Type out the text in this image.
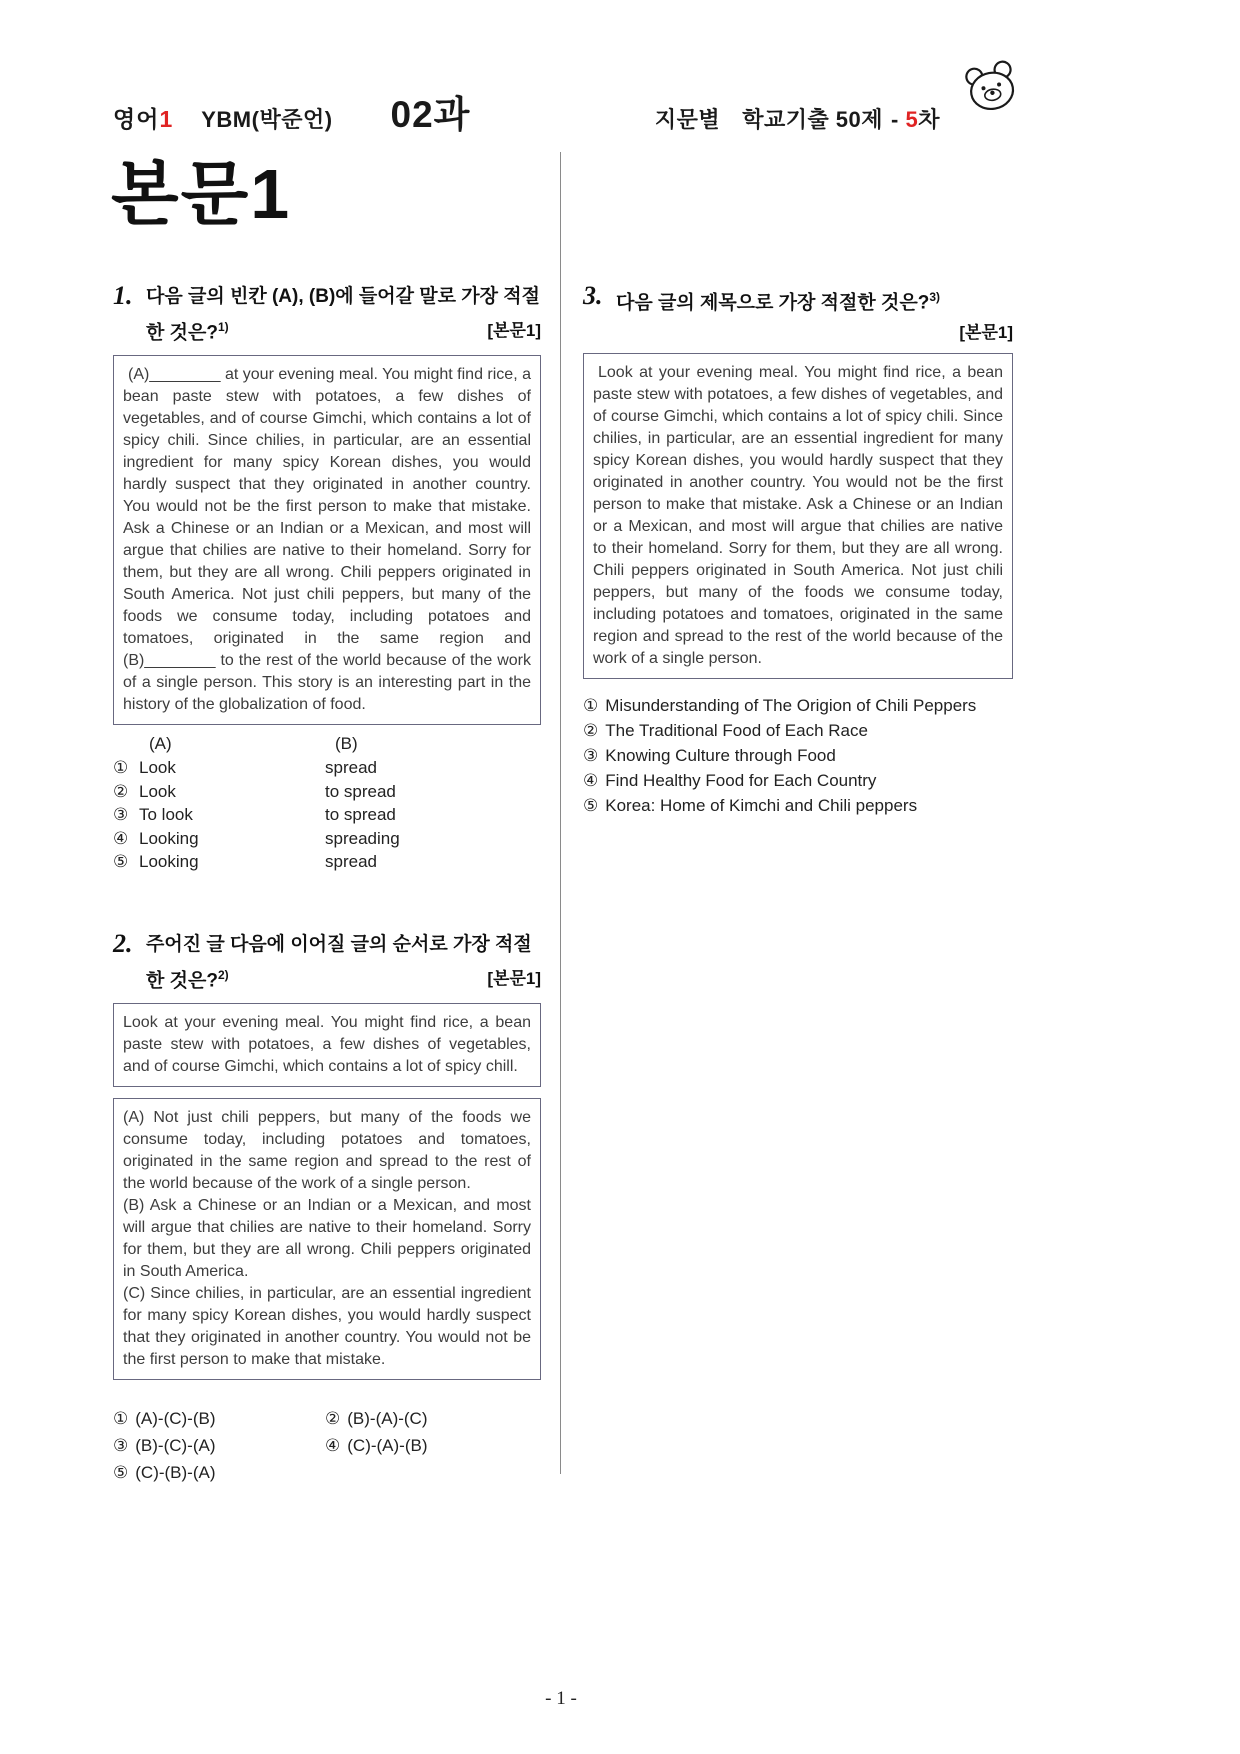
영어1 YBM(박준언) 02과	지문별 학교기출 50제 - 5차
본문1
1. 다음 글의 빈칸 (A), (B)에 들어갈 말로 가장 적절한 것은?$^{1)}$	[본문1]
(A)________ at your evening meal. You might find rice, a bean paste stew with potatoes, a few dishes of vegetables, and of course Gimchi, which contains a lot of spicy chili. Since chilies, in particular, are an essential ingredient for many spicy Korean dishes, you would hardly suspect that they originated in another country. You would not be the first person to make that mistake. Ask a Chinese or an Indian or a Mexican, and most will argue that chilies are native to their homeland. Sorry for them, but they are all wrong. Chili peppers originated in South America. Not just chili peppers, but many of the foods we consume today, including potatoes and tomatoes, originated in the same region and (B)________ to the rest of the world because of the work of a single person. This story is an interesting part in the history of the globalization of food.
(A)	(B)
① Look	spread
② Look	to spread
③ To look	to spread
④ Looking	spreading
⑤ Looking	spread
2. 주어진 글 다음에 이어질 글의 순서로 가장 적절한 것은?$^{2)}$	[본문1]
Look at your evening meal. You might find rice, a bean paste stew with potatoes, a few dishes of vegetables, and of course Gimchi, which contains a lot of spicy chill.

(A) Not just chili peppers, but many of the foods we consume today, including potatoes and tomatoes, originated in the same region and spread to the rest of the world because of the work of a single person.

(B) Ask a Chinese or an Indian or a Mexican, and most will argue that chilies are native to their homeland. Sorry for them, but they are all wrong. Chili peppers originated in South America.

(C) Since chilies, in particular, are an essential ingredient for many spicy Korean dishes, you would hardly suspect that they originated in another country. You would not be the first person to make that mistake.

① (A)-(C)-(B)	② (B)-(A)-(C)
③ (B)-(C)-(A)	④ (C)-(A)-(B)
⑤ (C)-(B)-(A)
3. 다음 글의 제목으로 가장 적절한 것은?$^{3)}$
[본문1]
Look at your evening meal. You might find rice, a bean paste stew with potatoes, a few dishes of vegetables, and of course Gimchi, which contains a lot of spicy chili. Since chilies, in particular, are an essential ingredient for many spicy Korean dishes, you would hardly suspect that they originated in another country. You would not be the first person to make that mistake. Ask a Chinese or an Indian or a Mexican, and most will argue that chilies are native to their homeland. Sorry for them, but they are all wrong. Chili peppers originated in South America. Not just chili peppers, but many of the foods we consume today, including potatoes and tomatoes, originated in the same region and spread to the rest of the world because of the work of a single person.
① Misunderstanding of The Origion of Chili Peppers
② The Traditional Food of Each Race
③ Knowing Culture through Food
④ Find Healthy Food for Each Country
⑤ Korea: Home of Kimchi and Chili peppers
- 1 -
